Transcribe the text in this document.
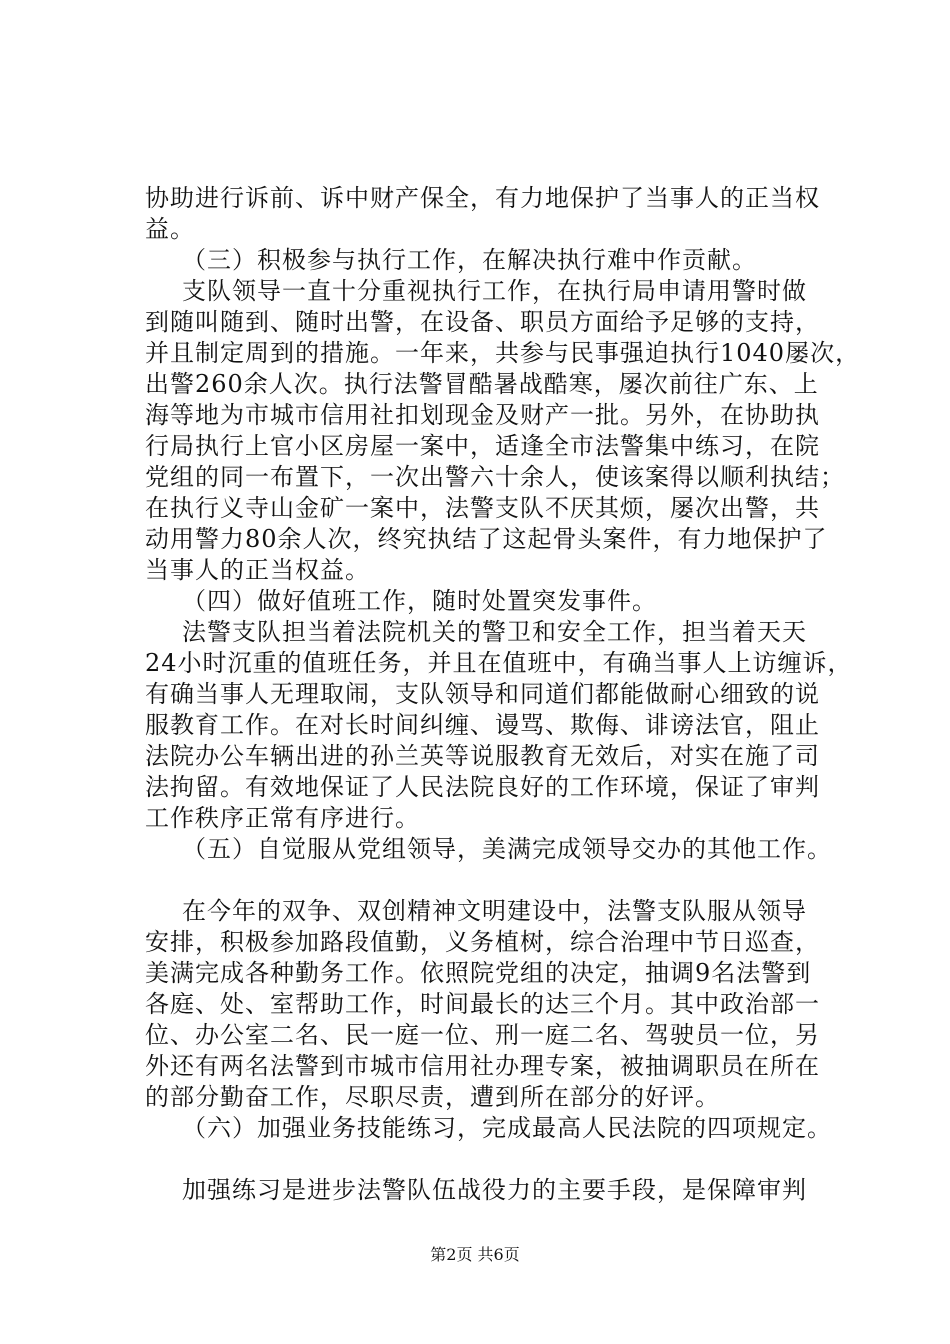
协助进行诉前、诉中财产保全，有力地保护了当事人的正当权
益。
（三）积极参与执行工作，在解决执行难中作贡献。
支队领导一直十分重视执行工作，在执行局申请用警时做
到随叫随到、随时出警，在设备、职员方面给予足够的支持，
并且制定周到的措施。一年来，共参与民事强迫执行1040屡次，
出警260余人次。执行法警冒酷暑战酷寒，屡次前往广东、上
海等地为市城市信用社扣划现金及财产一批。另外，在协助执
行局执行上官小区房屋一案中，适逢全市法警集中练习，在院
党组的同一布置下，一次出警六十余人，使该案得以顺利执结；
在执行义寺山金矿一案中，法警支队不厌其烦，屡次出警，共
动用警力80余人次，终究执结了这起骨头案件，有力地保护了
当事人的正当权益。
（四）做好值班工作，随时处置突发事件。
法警支队担当着法院机关的警卫和安全工作，担当着天天
24小时沉重的值班任务，并且在值班中，有确当事人上访缠诉，
有确当事人无理取闹，支队领导和同道们都能做耐心细致的说
服教育工作。在对长时间纠缠、谩骂、欺侮、诽谤法官，阻止
法院办公车辆出进的孙兰英等说服教育无效后，对实在施了司
法拘留。有效地保证了人民法院良好的工作环境，保证了审判
工作秩序正常有序进行。
（五）自觉服从党组领导，美满完成领导交办的其他工作。
在今年的双争、双创精神文明建设中，法警支队服从领导
安排，积极参加路段值勤，义务植树，综合治理中节日巡查，
美满完成各种勤务工作。依照院党组的决定，抽调9名法警到
各庭、处、室帮助工作，时间最长的达三个月。其中政治部一
位、办公室二名、民一庭一位、刑一庭二名、驾驶员一位，另
外还有两名法警到市城市信用社办理专案，被抽调职员在所在
的部分勤奋工作，尽职尽责，遭到所在部分的好评。
（六）加强业务技能练习，完成最高人民法院的四项规定。
加强练习是进步法警队伍战役力的主要手段，是保障审判
第2页 共6页
